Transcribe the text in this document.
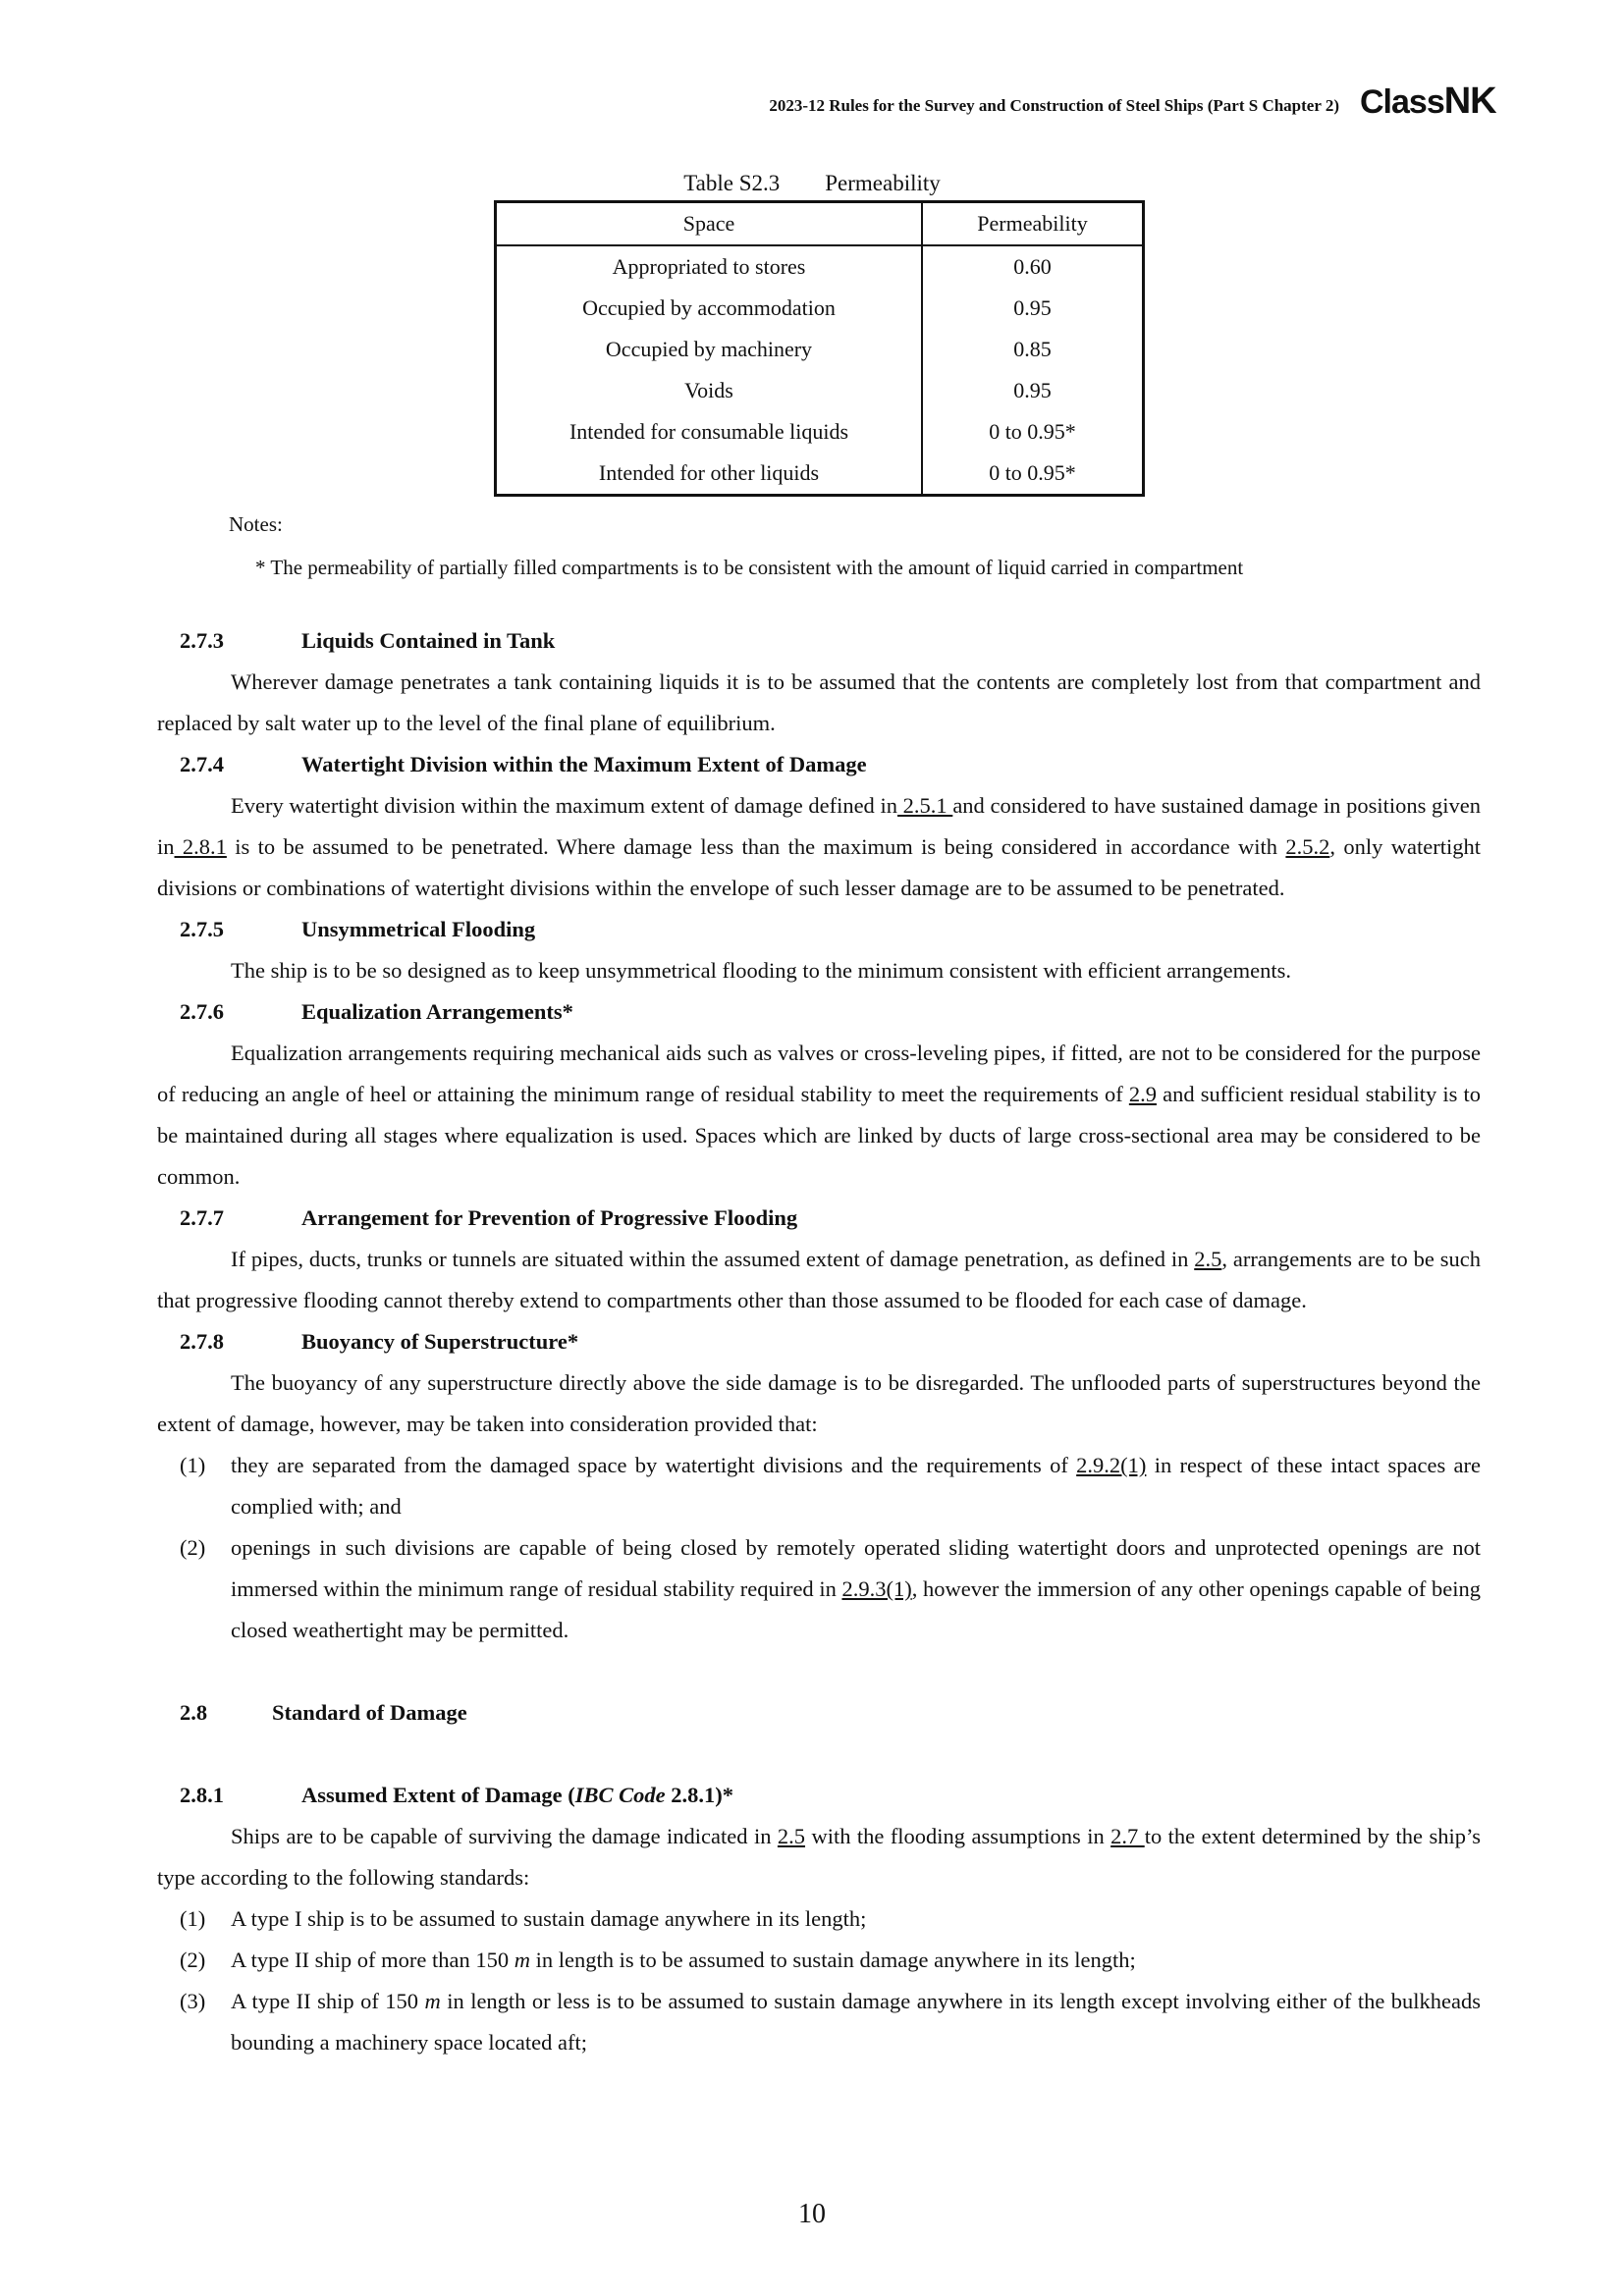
2023-12 Rules for the Survey and Construction of Steel Ships (Part S Chapter 2) ClassNK
Table S2.3 Permeability
Space	Permeability
Appropriated to stores	0.60
Occupied by accommodation	0.95
Occupied by machinery	0.85
Voids	0.95
Intended for consumable liquids	0 to 0.95*
Intended for other liquids	0 to 0.95*
Notes:
* The permeability of partially filled compartments is to be consistent with the amount of liquid carried in compartment
2.7.3	Liquids Contained in Tank

Wherever damage penetrates a tank containing liquids it is to be assumed that the contents are completely lost from that compartment and replaced by salt water up to the level of the final plane of equilibrium.

2.7.4	Watertight Division within the Maximum Extent of Damage

Every watertight division within the maximum extent of damage defined in 2.5.1 and considered to have sustained damage in positions given in 2.8.1 is to be assumed to be penetrated. Where damage less than the maximum is being considered in accordance with 2.5.2, only watertight divisions or combinations of watertight divisions within the envelope of such lesser damage are to be assumed to be penetrated.

2.7.5	Unsymmetrical Flooding

The ship is to be so designed as to keep unsymmetrical flooding to the minimum consistent with efficient arrangements.

2.7.6	Equalization Arrangements*

Equalization arrangements requiring mechanical aids such as valves or cross-leveling pipes, if fitted, are not to be considered for the purpose of reducing an angle of heel or attaining the minimum range of residual stability to meet the requirements of 2.9 and sufficient residual stability is to be maintained during all stages where equalization is used. Spaces which are linked by ducts of large cross-sectional area may be considered to be common.

2.7.7	Arrangement for Prevention of Progressive Flooding

If pipes, ducts, trunks or tunnels are situated within the assumed extent of damage penetration, as defined in 2.5, arrangements are to be such that progressive flooding cannot thereby extend to compartments other than those assumed to be flooded for each case of damage.

2.7.8	Buoyancy of Superstructure*

The buoyancy of any superstructure directly above the side damage is to be disregarded. The unflooded parts of superstructures beyond the extent of damage, however, may be taken into consideration provided that:

(1) they are separated from the damaged space by watertight divisions and the requirements of 2.9.2(1) in respect of these intact spaces are complied with; and
(2) openings in such divisions are capable of being closed by remotely operated sliding watertight doors and unprotected openings are not immersed within the minimum range of residual stability required in 2.9.3(1), however the immersion of any other openings capable of being closed weathertight may be permitted.
2.8	Standard of Damage
2.8.1	Assumed Extent of Damage (IBC Code 2.8.1)*

Ships are to be capable of surviving the damage indicated in 2.5 with the flooding assumptions in 2.7 to the extent determined by the ship’s type according to the following standards:

(1) A type I ship is to be assumed to sustain damage anywhere in its length;
(2) A type II ship of more than 150 m in length is to be assumed to sustain damage anywhere in its length;
(3) A type II ship of 150 m in length or less is to be assumed to sustain damage anywhere in its length except involving either of the bulkheads bounding a machinery space located aft;
10
